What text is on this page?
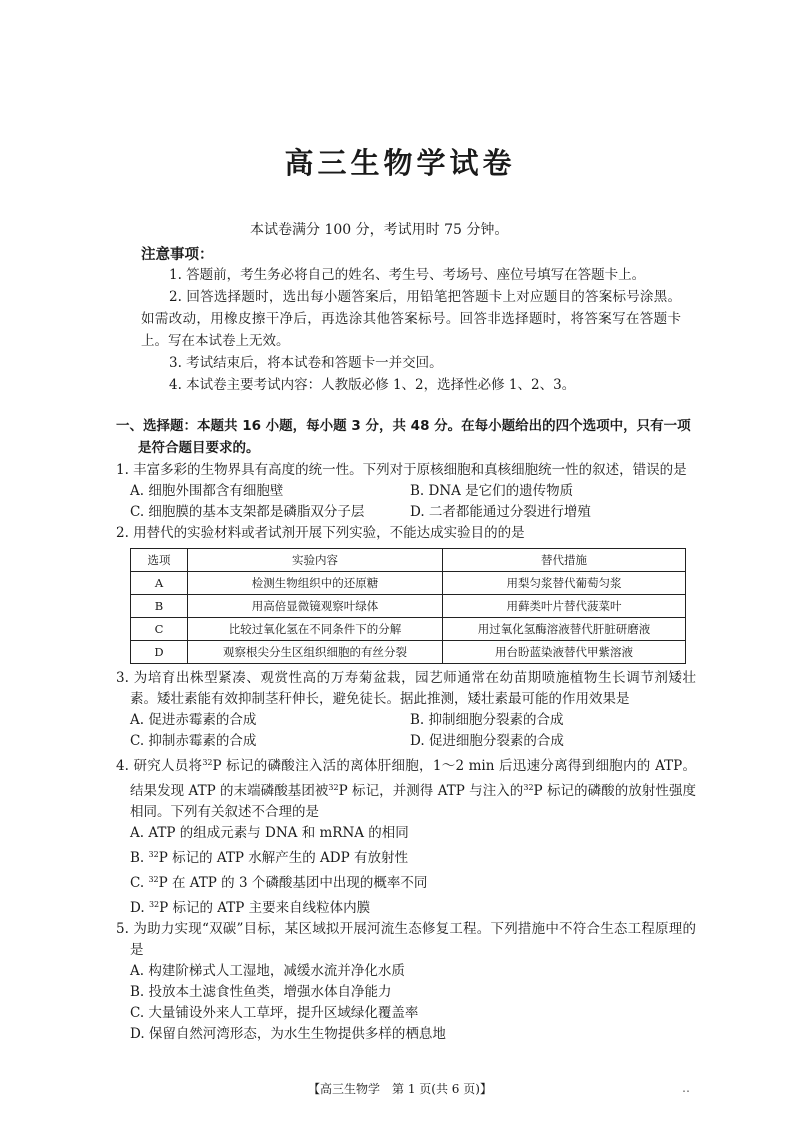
高三生物学试卷
本试卷满分 100 分，考试用时 75 分钟。
注意事项：

1. 答题前，考生务必将自己的姓名、考生号、考场号、座位号填写在答题卡上。

2. 回答选择题时，选出每小题答案后，用铅笔把答题卡上对应题目的答案标号涂黑。如需改动，用橡皮擦干净后，再选涂其他答案标号。回答非选择题时，将答案写在答题卡上。写在本试卷上无效。

3. 考试结束后，将本试卷和答题卡一并交回。

4. 本试卷主要考试内容：人教版必修 1、2，选择性必修 1、2、3。

一、选择题：本题共 16 小题，每小题 3 分，共 48 分。在每小题给出的四个选项中，只有一项是符合题目要求的。

1. 丰富多彩的生物界具有高度的统一性。下列对于原核细胞和真核细胞统一性的叙述，错误的是

A. 细胞外围都含有细胞壁	B. DNA 是它们的遗传物质
C. 细胞膜的基本支架都是磷脂双分子层	D. 二者都能通过分裂进行增殖

2. 用替代的实验材料或者试剂开展下列实验，不能达成实验目的的是

选项	实验内容	替代措施
A	检测生物组织中的还原糖	用梨匀浆替代葡萄匀浆
B	用高倍显微镜观察叶绿体	用藓类叶片替代菠菜叶
C	比较过氧化氢在不同条件下的分解	用过氧化氢酶溶液替代肝脏研磨液
D	观察根尖分生区组织细胞的有丝分裂	用台盼蓝染液替代甲紫溶液

3. 为培育出株型紧凑、观赏性高的万寿菊盆栽，园艺师通常在幼苗期喷施植物生长调节剂矮壮素。矮壮素能有效抑制茎秆伸长，避免徒长。据此推测，矮壮素最可能的作用效果是

A. 促进赤霉素的合成	B. 抑制细胞分裂素的合成
C. 抑制赤霉素的合成	D. 促进细胞分裂素的合成

4. 研究人员将$^{32}$P 标记的磷酸注入活的离体肝细胞，1～2 min 后迅速分离得到细胞内的 ATP。结果发现 ATP 的末端磷酸基团被$^{32}$P 标记，并测得 ATP 与注入的$^{32}$P 标记的磷酸的放射性强度相同。下列有关叙述不合理的是

A. ATP 的组成元素与 DNA 和 mRNA 的相同
B. $^{32}$P 标记的 ATP 水解产生的 ADP 有放射性
C. $^{32}$P 在 ATP 的 3 个磷酸基团中出现的概率不同
D. $^{32}$P 标记的 ATP 主要来自线粒体内膜

5. 为助力实现“双碳”目标，某区域拟开展河流生态修复工程。下列措施中不符合生态工程原理的是

A. 构建阶梯式人工湿地，减缓水流并净化水质
B. 投放本土滤食性鱼类，增强水体自净能力
C. 大量铺设外来人工草坪，提升区域绿化覆盖率
D. 保留自然河湾形态，为水生生物提供多样的栖息地
【高三生物学　第 1 页(共 6 页)】	‥
